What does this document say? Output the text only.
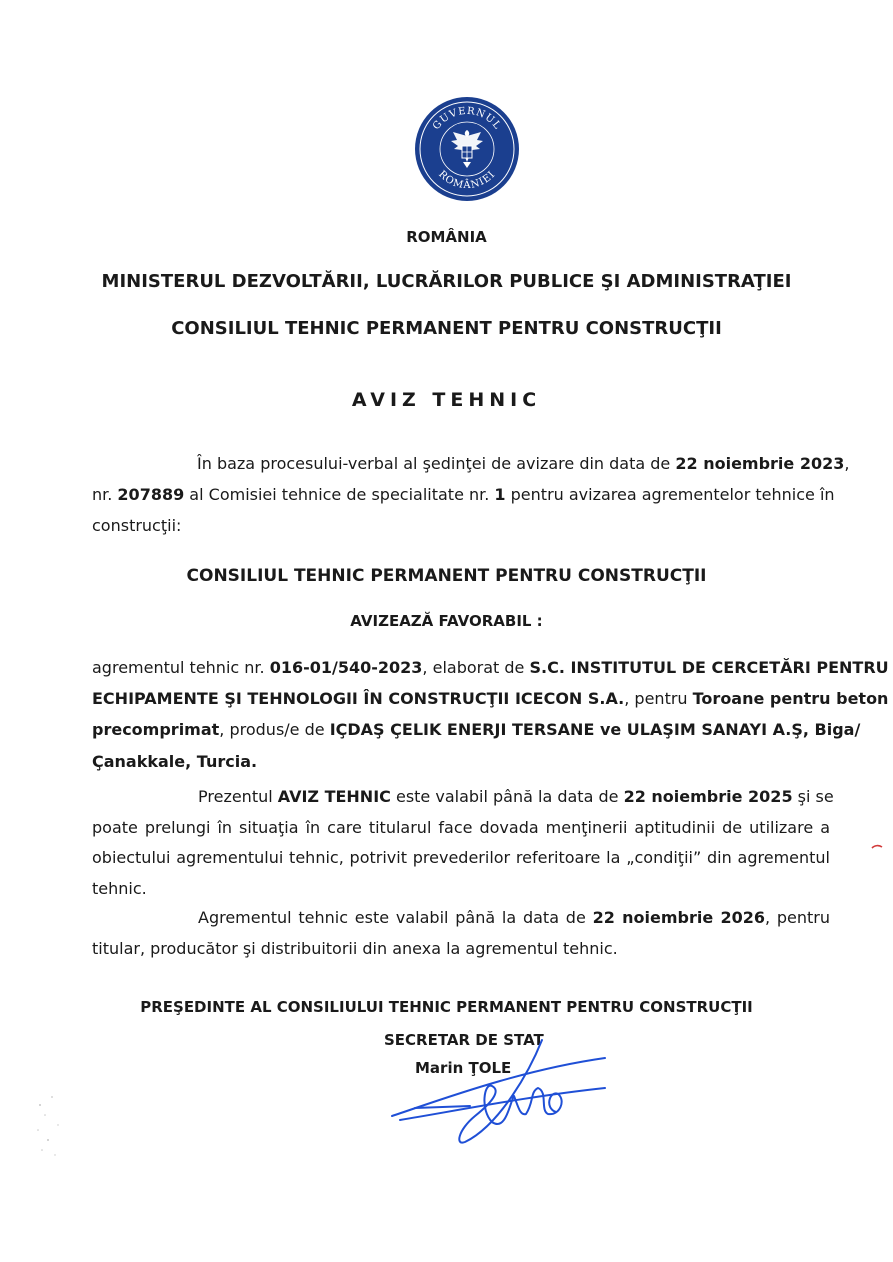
GUVERNUL
ROMÂNIEI
ROMÂNIA
MINISTERUL DEZVOLTĂRII, LUCRĂRILOR PUBLICE ŞI ADMINISTRAŢIEI
CONSILIUL TEHNIC PERMANENT PENTRU CONSTRUCŢII
AVIZ TEHNIC
În baza procesului-verbal al şedinţei de avizare din data de 22 noiembrie 2023,
nr. 207889 al Comisiei tehnice de specialitate nr. 1 pentru avizarea agrementelor tehnice în
construcţii:
CONSILIUL TEHNIC PERMANENT PENTRU CONSTRUCŢII
AVIZEAZĂ FAVORABIL :
agrementul tehnic nr. 016-01/540-2023, elaborat de S.C. INSTITUTUL DE CERCETĂRI PENTRU
ECHIPAMENTE ŞI TEHNOLOGII ÎN CONSTRUCŢII ICECON S.A., pentru Toroane pentru beton
precomprimat, produs/e de IÇDAŞ ÇELIK ENERJI TERSANE ve ULAŞIM SANAYI A.Ş, Biga/
Çanakkale, Turcia.
Prezentul AVIZ TEHNIC este valabil până la data de 22 noiembrie 2025 şi se
poate prelungi în situaţia în care titularul face dovada menţinerii aptitudinii de utilizare a
obiectului agrementului tehnic, potrivit prevederilor referitoare la „condiţii” din agrementul
tehnic.
Agrementul tehnic este valabil până la data de 22 noiembrie 2026, pentru
titular, producător şi distribuitorii din anexa la agrementul tehnic.
PREŞEDINTE AL CONSILIULUI TEHNIC PERMANENT PENTRU CONSTRUCŢII
SECRETAR DE STAT
Marin ŢOLE
